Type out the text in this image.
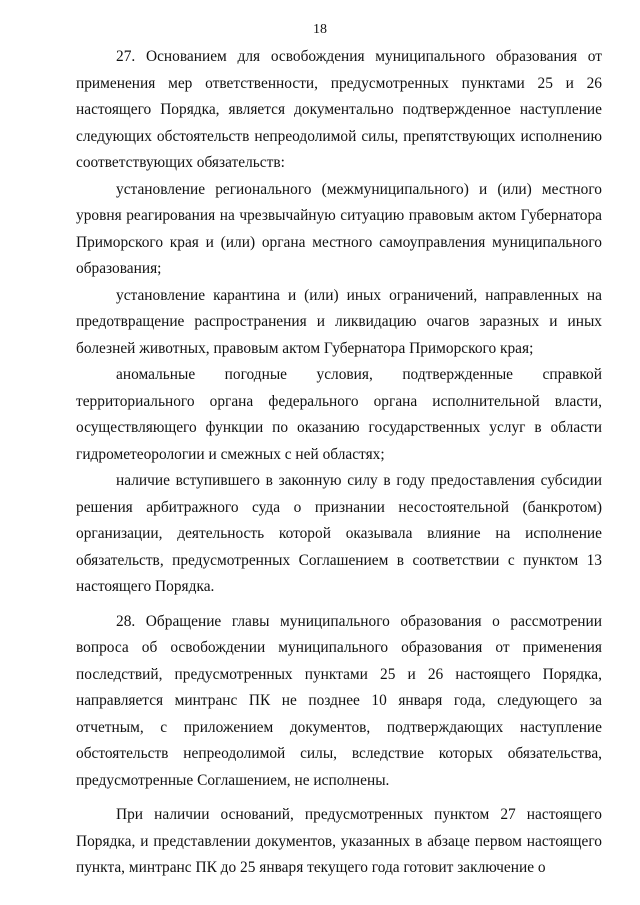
18

27. Основанием для освобождения муниципального образования от применения мер ответственности, предусмотренных пунктами 25 и 26 настоящего Порядка, является документально подтвержденное наступление следующих обстоятельств непреодолимой силы, препятствующих исполнению соответствующих обязательств:

установление регионального (межмуниципального) и (или) местного уровня реагирования на чрезвычайную ситуацию правовым актом Губернатора Приморского края и (или) органа местного самоуправления муниципального образования;

установление карантина и (или) иных ограничений, направленных на предотвращение распространения и ликвидацию очагов заразных и иных болезней животных, правовым актом Губернатора Приморского края;

аномальные погодные условия, подтвержденные справкой территориального органа федерального органа исполнительной власти, осуществляющего функции по оказанию государственных услуг в области гидрометеорологии и смежных с ней областях;

наличие вступившего в законную силу в году предоставления субсидии решения арбитражного суда о признании несостоятельной (банкротом) организации, деятельность которой оказывала влияние на исполнение обязательств, предусмотренных Соглашением в соответствии с пунктом 13 настоящего Порядка.

28. Обращение главы муниципального образования о рассмотрении вопроса об освобождении муниципального образования от применения последствий, предусмотренных пунктами 25 и 26 настоящего Порядка, направляется минтранс ПК не позднее 10 января года, следующего за отчетным, с приложением документов, подтверждающих наступление обстоятельств непреодолимой силы, вследствие которых обязательства, предусмотренные Соглашением, не исполнены.

При наличии оснований, предусмотренных пунктом 27 настоящего Порядка, и представлении документов, указанных в абзаце первом настоящего пункта, минтранс ПК до 25 января текущего года готовит заключение о
